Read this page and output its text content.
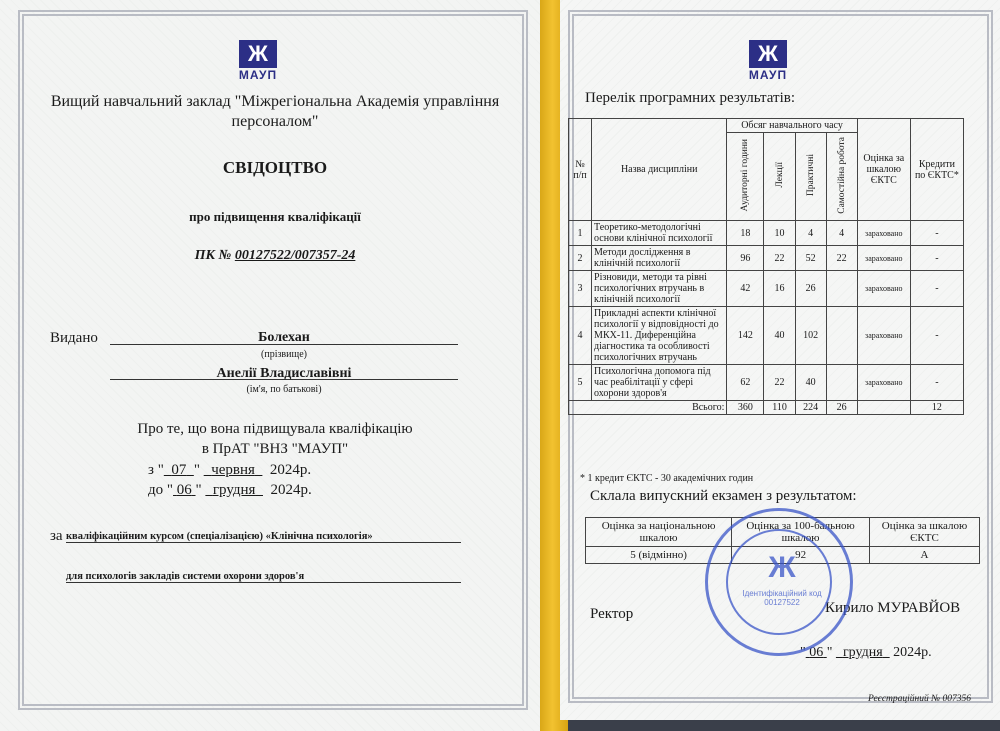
Ж
МАУП
Вищий навчальний заклад "Міжрегіональна Академія управління персоналом"
СВІДОЦТВО
про підвищення кваліфікації
ПК № 00127522/007357-24
Видано	Болехан
(прізвище)
Анелії Владиславівні
(ім'я, по батькові)
Про те, що вона підвищувала кваліфікацію
в ПрАТ "ВНЗ "МАУП"
з " 07 "   червня 2024р.
до " 06 "   грудня 2024р.
за кваліфікаційним курсом (спеціалізацією) «Клінічна психологія»
для психологів закладів системи охорони здоров'я
Ж
МАУП
Перелік програмних результатів:
№ п/п	Назва дисципліни	Обсяг навчального часу				Оцінка за шкалою ЄКТС	Кредити по ЄКТС*
		Аудиторні години	Лекції	Практичні	Самостійна робота		
1	Теоретико-методологічні основи клінічної психології	18	10	4	4	зараховано	-
2	Методи дослідження в клінічній психології	96	22	52	22	зараховано	-
3	Різновиди, методи та рівні психологічних втручань в клінічній психології	42	16	26		зараховано	-
4	Прикладні аспекти клінічної психології у відповідності до МКХ-11. Диференційна діагностика та особливості психологічних втручань	142	40	102		зараховано	-
5	Психологічна допомога під час реабілітації у сфері охорони здоров'я	62	22	40		зараховано	-
Всього:		360	110	224	26		12
* 1 кредит ЄКТС - 30 академічних годин
Склала випускний екзамен з результатом:
Оцінка за національною шкалою	Оцінка за 100-бальною шкалою	Оцінка за шкалою ЄКТС
5 (відмінно)	92	A
Ректор	Кирило МУРАВЙОВ
" 06 "   грудня 2024р.
Ж
Ідентифікаційний код 00127522
Реєстраційний № 007356
